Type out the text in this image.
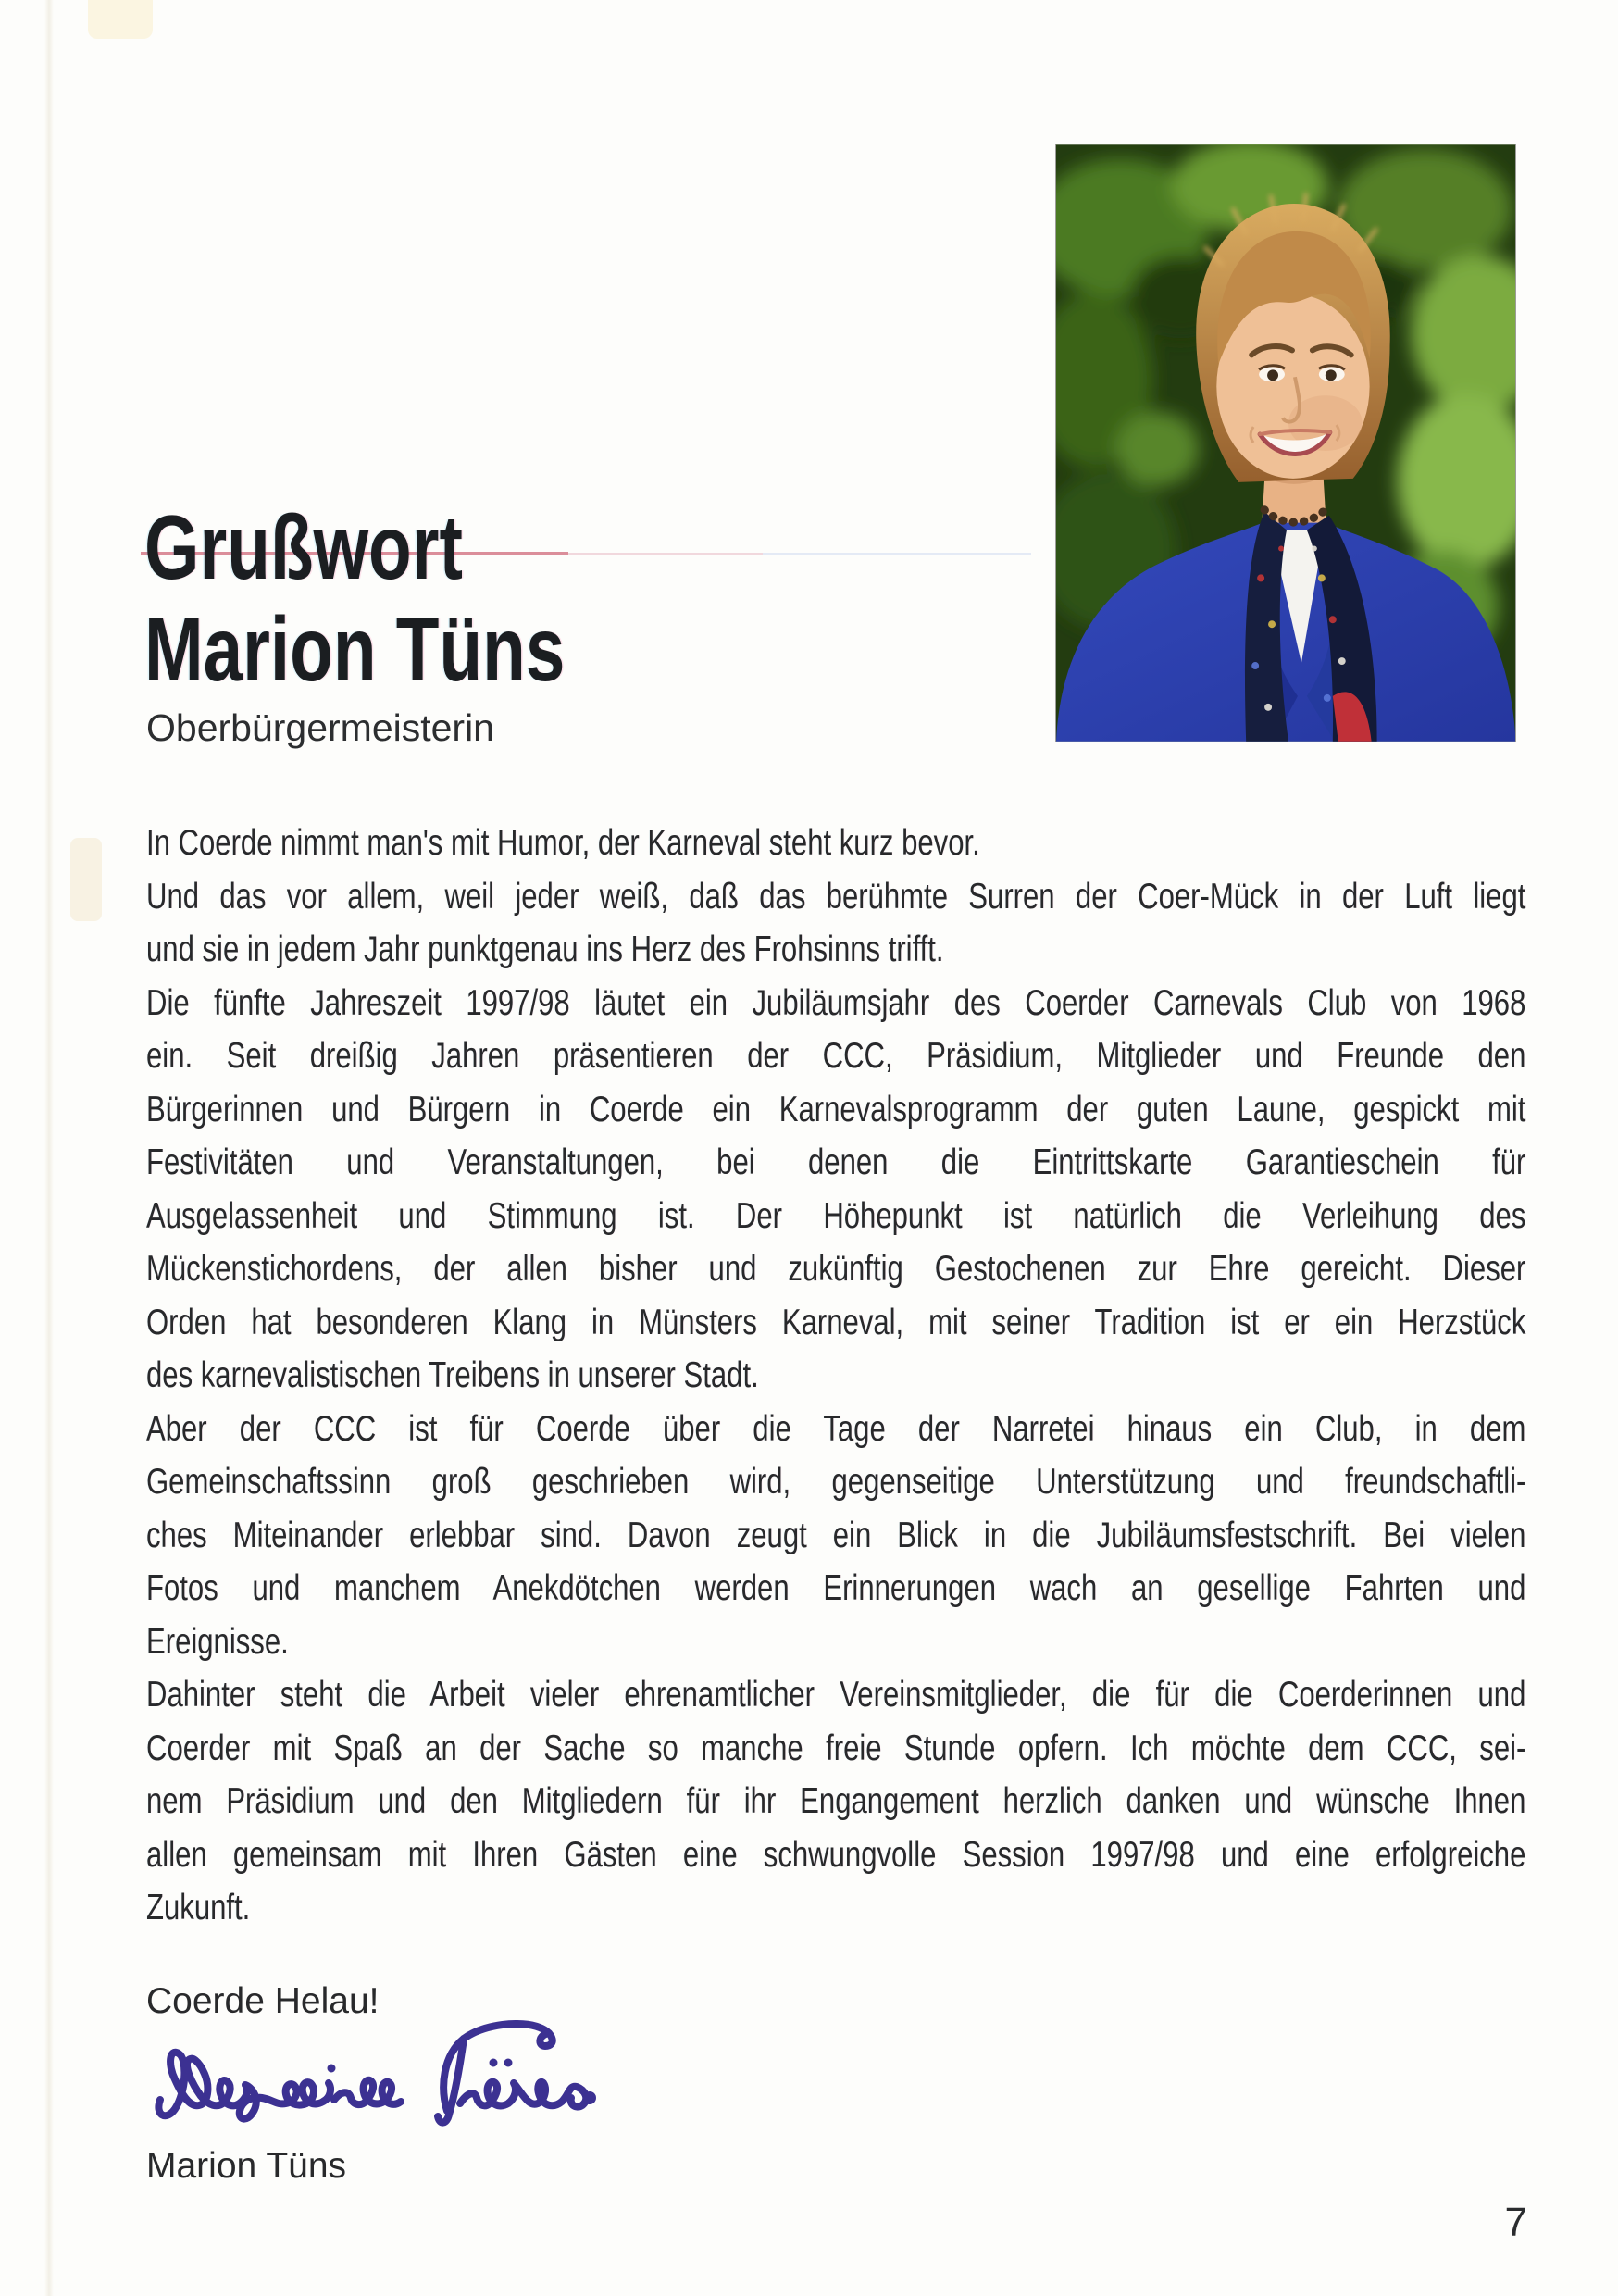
Grußwort
Marion Tüns
Oberbürgermeisterin
In Coerde nimmt man's mit Humor, der Karneval steht kurz bevor.
Und das vor allem, weil jeder weiß, daß das berühmte Surren der Coer-Mück in der Luft liegt
und sie in jedem Jahr punktgenau ins Herz des Frohsinns trifft.
Die fünfte Jahreszeit 1997/98 läutet ein Jubiläumsjahr des Coerder Carnevals Club von 1968
ein. Seit dreißig Jahren präsentieren der CCC, Präsidium, Mitglieder und Freunde den
Bürgerinnen und Bürgern in Coerde ein Karnevalsprogramm der guten Laune, gespickt mit
Festivitäten und Veranstaltungen, bei denen die Eintrittskarte Garantieschein für
Ausgelassenheit und Stimmung ist. Der Höhepunkt ist natürlich die Verleihung des
Mückenstichordens, der allen bisher und zukünftig Gestochenen zur Ehre gereicht. Dieser
Orden hat besonderen Klang in Münsters Karneval, mit seiner Tradition ist er ein Herzstück
des karnevalistischen Treibens in unserer Stadt.
Aber der CCC ist für Coerde über die Tage der Narretei hinaus ein Club, in dem
Gemeinschaftssinn groß geschrieben wird, gegenseitige Unterstützung und freundschaftli-
ches Miteinander erlebbar sind. Davon zeugt ein Blick in die Jubiläumsfestschrift. Bei vielen
Fotos und manchem Anekdötchen werden Erinnerungen wach an gesellige Fahrten und
Ereignisse.
Dahinter steht die Arbeit vieler ehrenamtlicher Vereinsmitglieder, die für die Coerderinnen und
Coerder mit Spaß an der Sache so manche freie Stunde opfern. Ich möchte dem CCC, sei-
nem Präsidium und den Mitgliedern für ihr Engangement herzlich danken und wünsche Ihnen
allen gemeinsam mit Ihren Gästen eine schwungvolle Session 1997/98 und eine erfolgreiche
Zukunft.
Coerde Helau!
Marion Tüns
7
